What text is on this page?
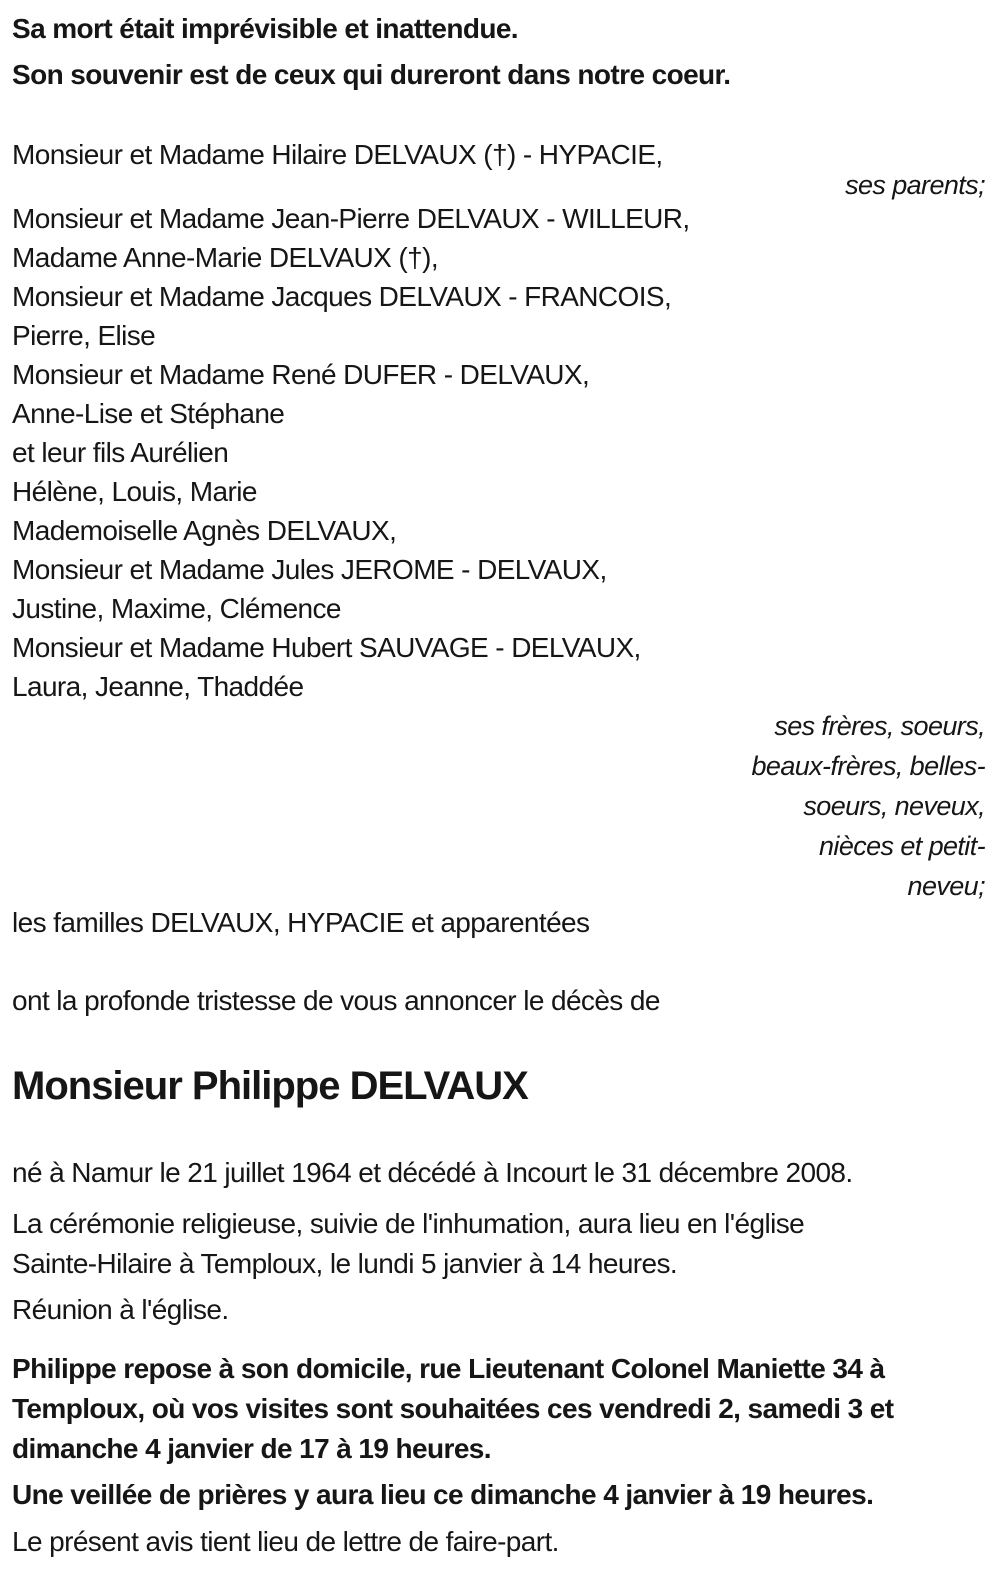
Sa mort était imprévisible et inattendue.

Son souvenir est de ceux qui dureront dans notre coeur.

Monsieur et Madame Hilaire DELVAUX (†) - HYPACIE,

ses parents;

Monsieur et Madame Jean-Pierre DELVAUX - WILLEUR,
Madame Anne-Marie DELVAUX (†),
Monsieur et Madame Jacques DELVAUX - FRANCOIS,
Pierre, Elise
Monsieur et Madame René DUFER - DELVAUX,
Anne-Lise et Stéphane
et leur fils Aurélien
Hélène, Louis, Marie
Mademoiselle Agnès DELVAUX,
Monsieur et Madame Jules JEROME - DELVAUX,
Justine, Maxime, Clémence
Monsieur et Madame Hubert SAUVAGE - DELVAUX,
Laura, Jeanne, Thaddée
ses frères, soeurs,
beaux-frères, belles-
soeurs, neveux,
nièces et petit-
neveu;

les familles DELVAUX, HYPACIE et apparentées

ont la profonde tristesse de vous annoncer le décès de

Monsieur Philippe DELVAUX

né à Namur le 21 juillet 1964 et décédé à Incourt le 31 décembre 2008.

La cérémonie religieuse, suivie de l'inhumation, aura lieu en l'église
Sainte-Hilaire à Temploux, le lundi 5 janvier à 14 heures.

Réunion à l'église.

Philippe repose à son domicile, rue Lieutenant Colonel Maniette 34 à
Temploux, où vos visites sont souhaitées ces vendredi 2, samedi 3 et
dimanche 4 janvier de 17 à 19 heures.

Une veillée de prières y aura lieu ce dimanche 4 janvier à 19 heures.

Le présent avis tient lieu de lettre de faire-part.
